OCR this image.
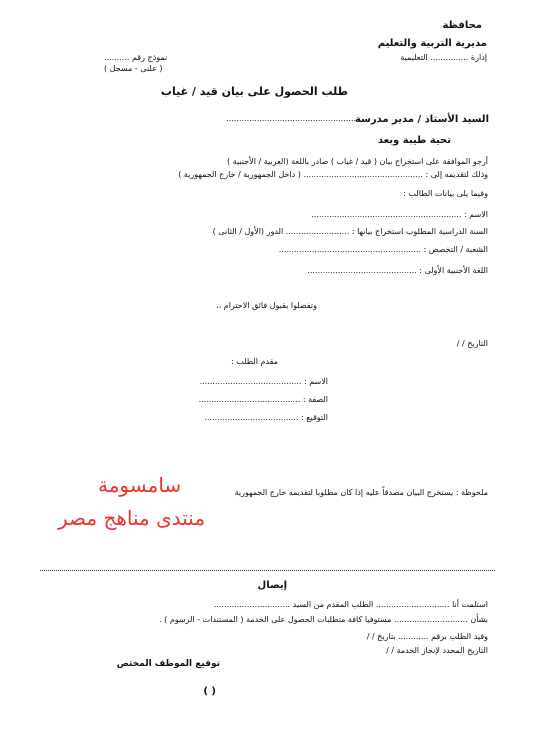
محافظة
مديرية التربية والتعليم
إدارة ............... التعليمية
نموذج رقم ..........
( علنى - مسجل )
طلب الحصول على بيان قيد / غياب
السيد الأستاذ / مدير مدرسة
...................................................
تحية طيبة وبعد
أرجو الموافقة على استخراج بيان ( قيد / غياب ) صادر باللغة (العربية / الأجنبية )
وذلك لتقديمه إلى : ............................................... ( داخل الجمهورية / خارج الجمهورية )
وفيما يلى بيانات الطالب :
الاسم : ...........................................................
السنة الدراسية المطلوب استخراج بيانها : ......................... الدور (الأول / الثانى )
الشعبة / التخصص : ........................................................
اللغة الأجنبية الأولى : ...........................................
وتفضلوا بقبول فائق الاحترام ،،
التاريخ / /
مقدم الطلب :
الاسم : ........................................
الصفة : ........................................
التوقيع : .....................................
ملحوظة : يستخرج البيان مصدقاً عليه إذا كان مطلوبا لتقديمه خارج الجمهورية
سامسومة
منتدى مناهج مصر
إيصال
استلمت أنا ............................. الطلب المقدم من السيد ..............................
بشأن ............................. مستوفيا كافة متطلبات الحصول على الخدمة ( المستندات - الرسوم ) .
وقيد الطلب برقم ............ بتاريخ / /
التاريخ المحدد لإنجاز الخدمة / /
توقيع الموظف المختص
( )
